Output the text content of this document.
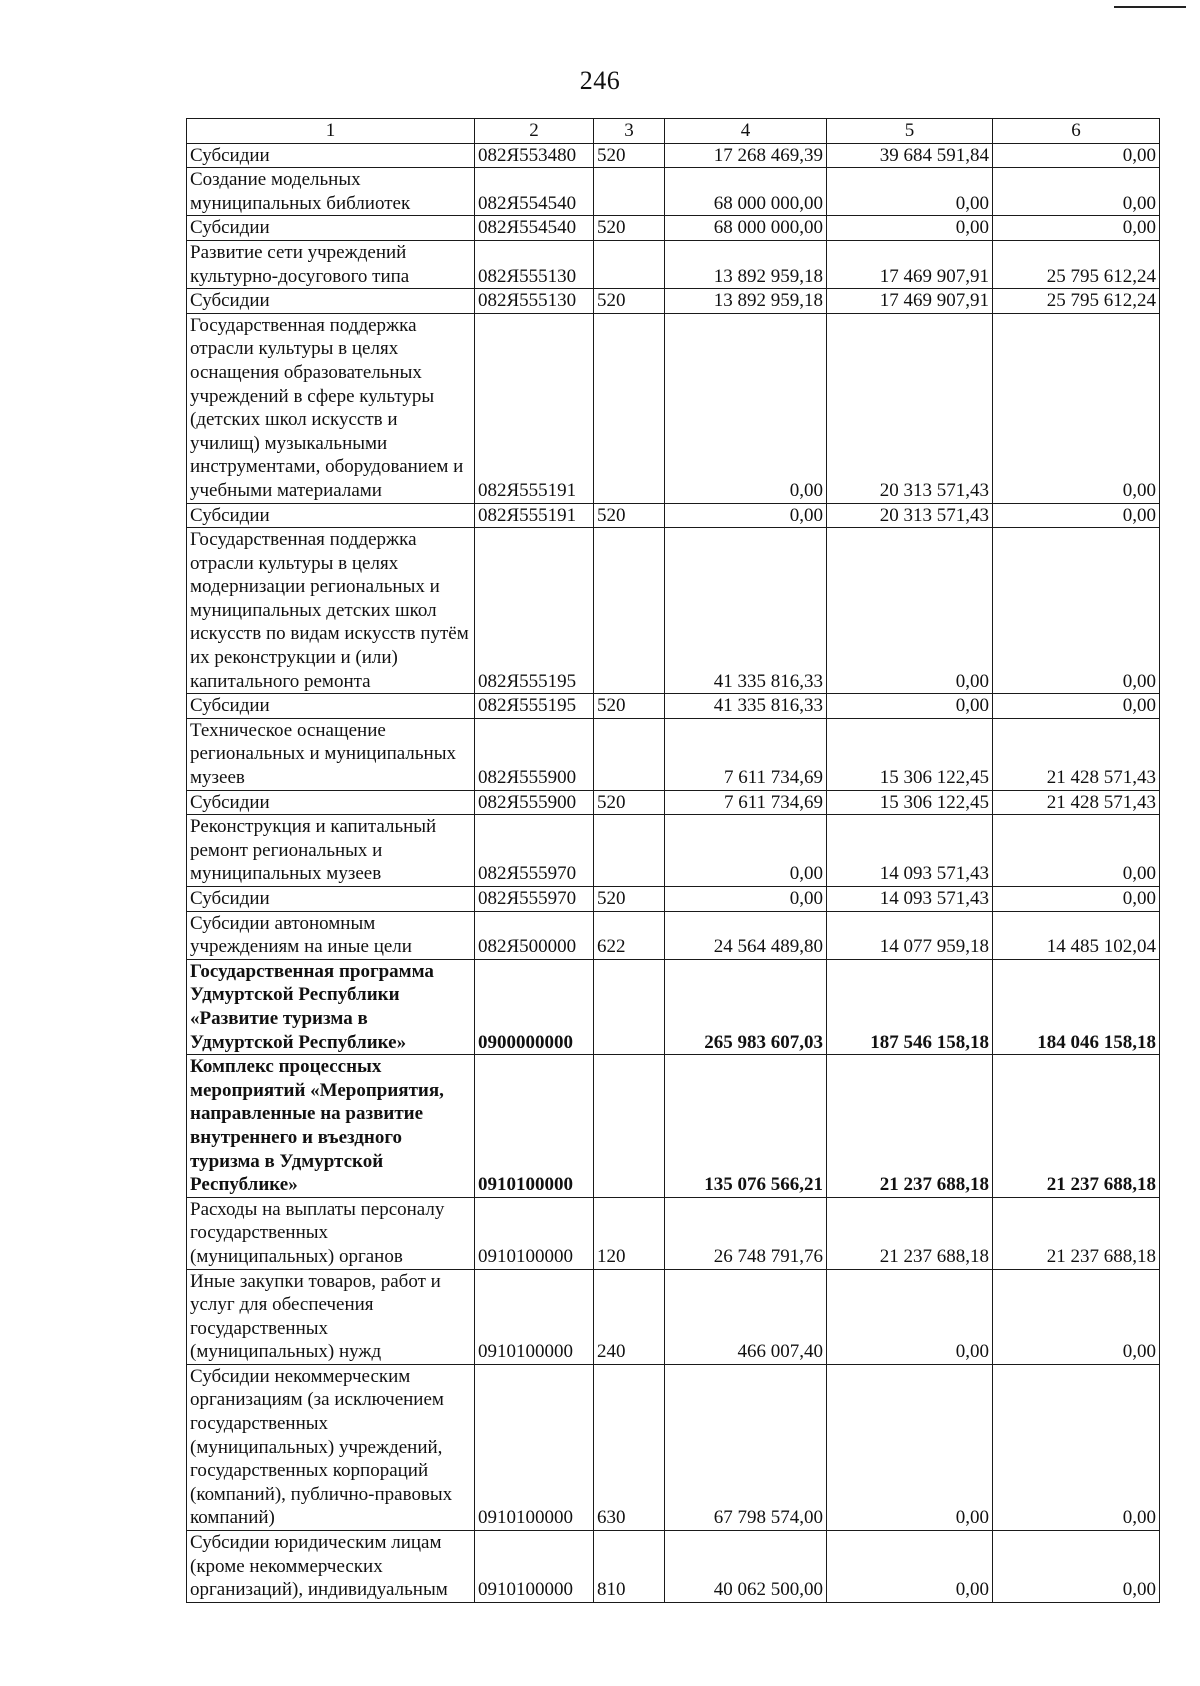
246
1	2	3	4	5	6
Субсидии	082Я553480	520	17 268 469,39	39 684 591,84	0,00
Создание модельных муниципальных библиотек	082Я554540		68 000 000,00	0,00	0,00
Субсидии	082Я554540	520	68 000 000,00	0,00	0,00
Развитие сети учреждений культурно-досугового типа	082Я555130		13 892 959,18	17 469 907,91	25 795 612,24
Субсидии	082Я555130	520	13 892 959,18	17 469 907,91	25 795 612,24
Государственная поддержка отрасли культуры в целях оснащения образовательных учреждений в сфере культуры (детских школ искусств и училищ) музыкальными инструментами, оборудованием и учебными материалами	082Я555191		0,00	20 313 571,43	0,00
Субсидии	082Я555191	520	0,00	20 313 571,43	0,00
Государственная поддержка отрасли культуры в целях модернизации региональных и муниципальных детских школ искусств по видам искусств путём их реконструкции и (или) капитального ремонта	082Я555195		41 335 816,33	0,00	0,00
Субсидии	082Я555195	520	41 335 816,33	0,00	0,00
Техническое оснащение региональных и муниципальных музеев	082Я555900		7 611 734,69	15 306 122,45	21 428 571,43
Субсидии	082Я555900	520	7 611 734,69	15 306 122,45	21 428 571,43
Реконструкция и капитальный ремонт региональных и муниципальных музеев	082Я555970		0,00	14 093 571,43	0,00
Субсидии	082Я555970	520	0,00	14 093 571,43	0,00
Субсидии автономным учреждениям на иные цели	082Я500000	622	24 564 489,80	14 077 959,18	14 485 102,04
Государственная программа Удмуртской Республики «Развитие туризма в Удмуртской Республике»	0900000000		265 983 607,03	187 546 158,18	184 046 158,18
Комплекс процессных мероприятий «Мероприятия, направленные на развитие внутреннего и въездного туризма в Удмуртской Республике»	0910100000		135 076 566,21	21 237 688,18	21 237 688,18
Расходы на выплаты персоналу государственных (муниципальных) органов	0910100000	120	26 748 791,76	21 237 688,18	21 237 688,18
Иные закупки товаров, работ и услуг для обеспечения государственных (муниципальных) нужд	0910100000	240	466 007,40	0,00	0,00
Субсидии некоммерческим организациям (за исключением государственных (муниципальных) учреждений, государственных корпораций (компаний), публично-правовых компаний)	0910100000	630	67 798 574,00	0,00	0,00
Субсидии юридическим лицам (кроме некоммерческих организаций), индивидуальным	0910100000	810	40 062 500,00	0,00	0,00
